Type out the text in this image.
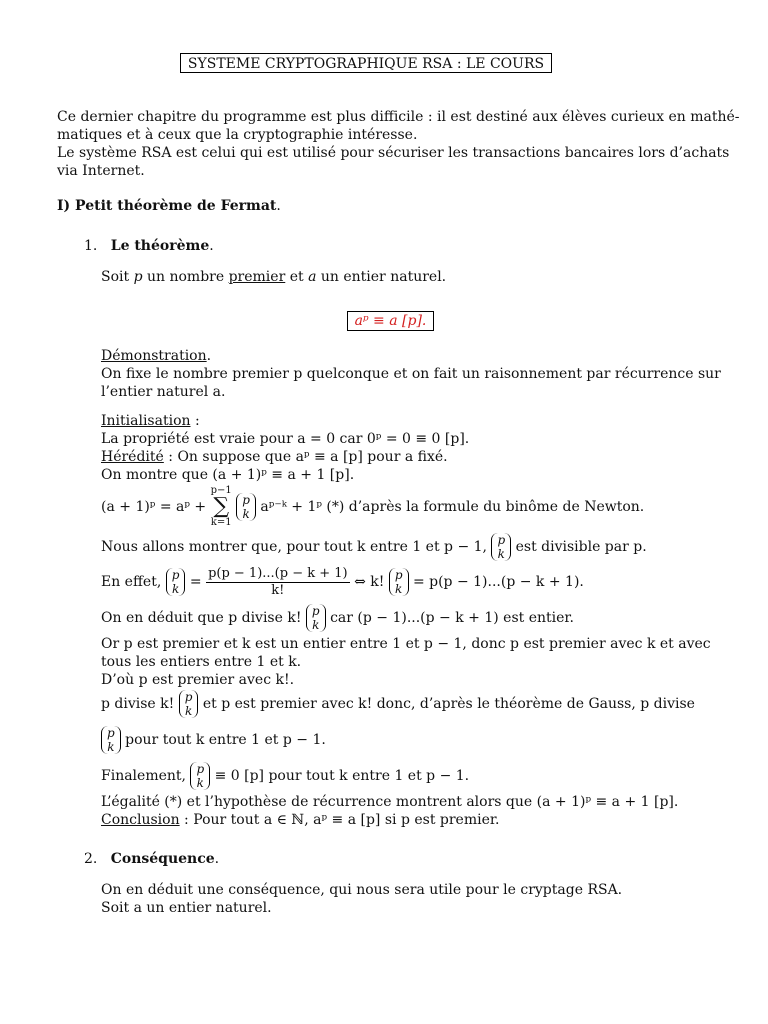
SYSTEME CRYPTOGRAPHIQUE RSA : LE COURS
Ce dernier chapitre du programme est plus difficile : il est destiné aux élèves curieux en mathé-
matiques et à ceux que la cryptographie intéresse.
Le système RSA est celui qui est utilisé pour sécuriser les transactions bancaires lors d’achats
via Internet.
I) Petit théorème de Fermat.
1. Le théorème.
Soit p un nombre premier et a un entier naturel.
aᵖ ≡ a [p].
Démonstration.
On fixe le nombre premier p quelconque et on fait un raisonnement par récurrence sur
l’entier naturel a.
Initialisation :
La propriété est vraie pour a = 0 car 0ᵖ = 0 ≡ 0 [p].
Hérédité : On suppose que aᵖ ≡ a [p] pour a fixé.
On montre que (a + 1)ᵖ ≡ a + 1 [p].
(a + 1)ᵖ = aᵖ +
p−1
∑
k=1

p
k aᵖ⁻ᵏ + 1ᵖ (*) d’après la formule du binôme de Newton.
Nous allons montrer que, pour tout k entre 1 et p − 1, p
k est divisible par p.
En effet, p
$k = \frac{p(p - 1)...(p - k + 1)}{k!}$ ⇔ k! p
k = p(p − 1)...(p − k + 1).
On en déduit que p divise k! p
k car (p − 1)...(p − k + 1) est entier.
Or p est premier et k est un entier entre 1 et p − 1, donc p est premier avec k et avec
tous les entiers entre 1 et k.
D’où p est premier avec k!.
p divise k! p
k et p est premier avec k! donc, d’après le théorème de Gauss, p divise
p
k pour tout k entre 1 et p − 1.
Finalement, p
k ≡ 0 [p] pour tout k entre 1 et p − 1.
L’égalité (*) et l’hypothèse de récurrence montrent alors que (a + 1)ᵖ ≡ a + 1 [p].
Conclusion : Pour tout a ∈ ℕ, aᵖ ≡ a [p] si p est premier.
2. Conséquence.
On en déduit une conséquence, qui nous sera utile pour le cryptage RSA.
Soit a un entier naturel.
